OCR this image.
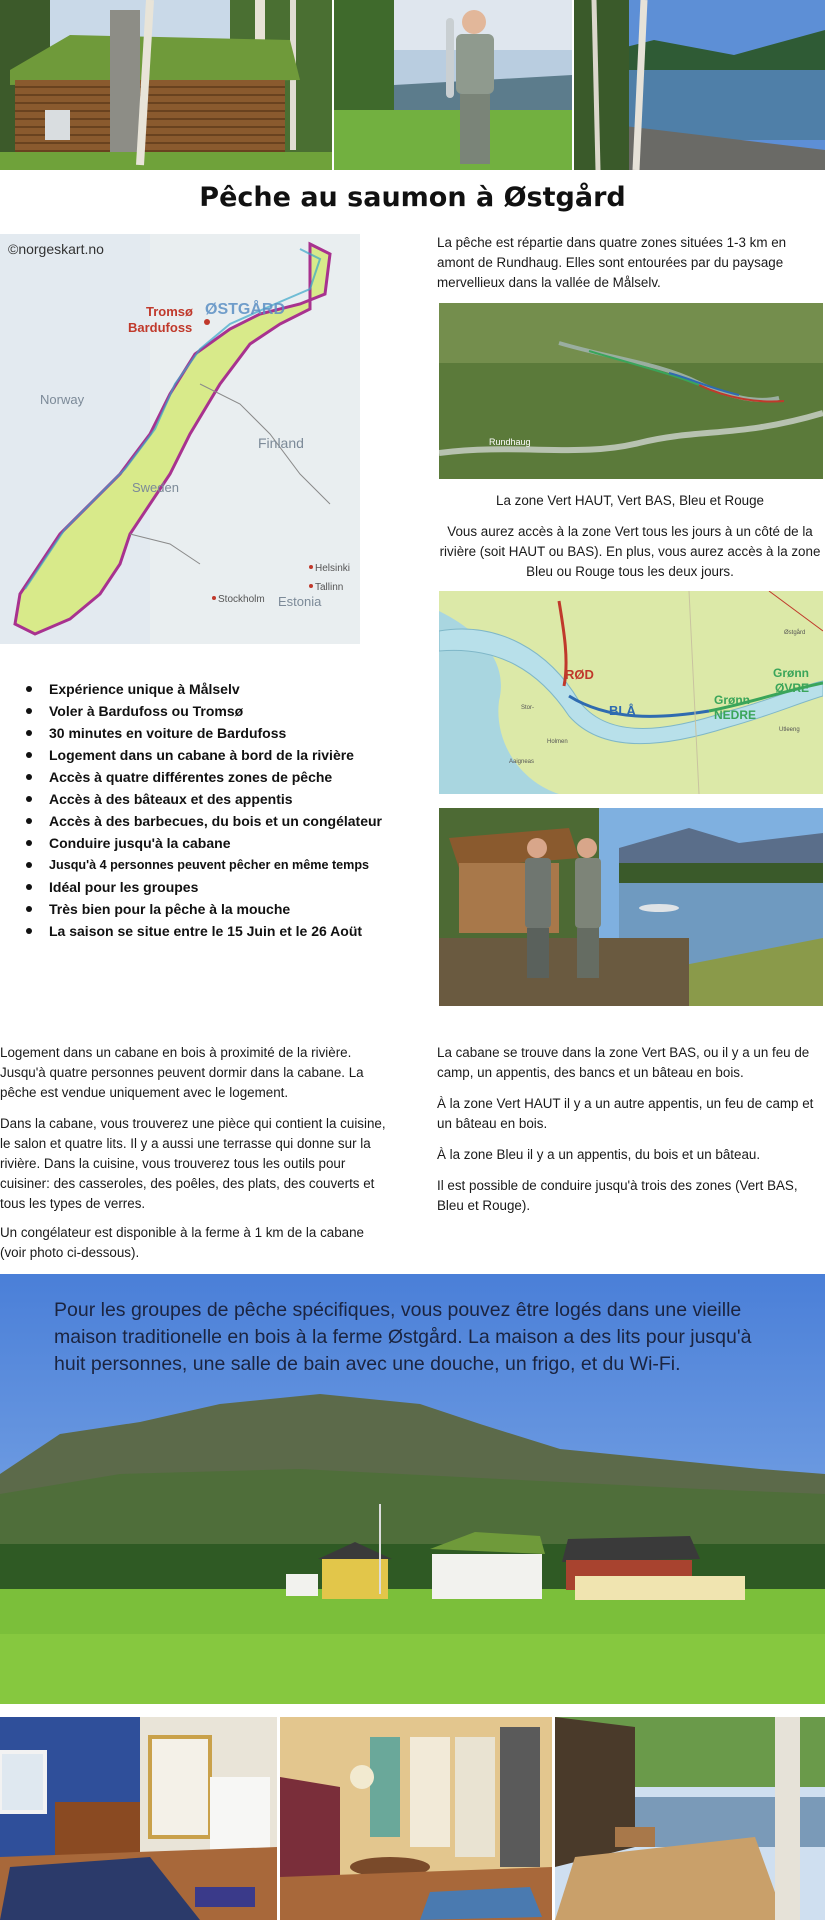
Pêche au saumon à Østgård
©norgeskart.no
Tromsø
Bardufoss
ØSTGÅRD
Norway
Sweden
Finland
Helsinki
Tallinn
Estonia
Stockholm

La pêche est répartie dans quatre zones situées 1-3 km en amont de Rundhaug. Elles sont entourées par du paysage mervellieux dans la vallée de Målselv.

Rundhaug

La zone Vert HAUT, Vert BAS, Bleu et Rouge

Vous aurez accès à la zone Vert tous les jours à un côté de la rivière (soit HAUT ou BAS). En plus, vous aurez accès à la zone Bleu ou Rouge tous les deux jours.

RØD
BLÅ
Grønn
ØVRE
Grønn
NEDRE
Østgård
Utleeng
Holmen
Aaigneas
Stor-
Expérience unique à Målselv
Voler à Bardufoss ou Tromsø
30 minutes en voiture de Bardufoss
Logement dans un cabane à bord de la rivière
Accès à quatre différentes zones de pêche
Accès à des bâteaux et des appentis
Accès à des barbecues, du bois et un congélateur
Conduire jusqu'à la cabane
Jusqu'à 4 personnes peuvent pêcher en même temps
Idéal pour les groupes
Très bien pour la pêche à la mouche
La saison se situe entre le 15 Juin et le 26 Aoüt

Logement dans un cabane en bois à proximité de la rivière. Jusqu'à quatre personnes peuvent dormir dans la cabane. La pêche est vendue uniquement avec le logement.

Dans la cabane, vous trouverez une pièce qui contient la cuisine, le salon et quatre lits. Il y a aussi une terrasse qui donne sur la rivière. Dans la cuisine, vous trouverez tous les outils pour cuisiner: des casseroles, des poêles, des plats, des couverts et tous les types de verres.

Un congélateur est disponible à la ferme à 1 km de la cabane (voir photo ci-dessous).

La cabane se trouve dans la zone Vert BAS, ou il y a un feu de camp, un appentis, des bancs et un bâteau en bois.

À la zone Vert HAUT il y a un autre appentis, un feu de camp et un bâteau en bois.

À la zone Bleu il y a un appentis, du bois et un bâteau.

Il est possible de conduire jusqu'à trois des zones (Vert BAS, Bleu et Rouge).

Pour les groupes de pêche spécifiques, vous pouvez être logés dans une vieille maison traditionelle en bois à la ferme Østgård. La maison a des lits pour jusqu'à huit personnes, une salle de bain avec une douche, un frigo, et du Wi-Fi.
